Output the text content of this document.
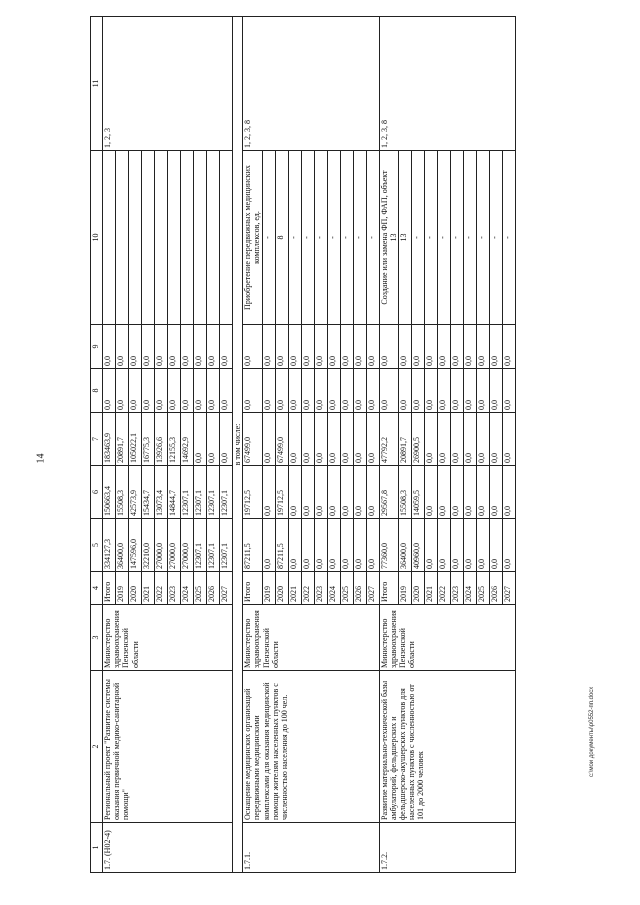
14
c:\мои документы\p0552-пп.docx
1	2	3	4	5	6	7	8	9	10	11
1.7. (Н02-4)	Региональный проект "Развитие системы оказания первичной медико-санитарной помощи"	Министерство здравоохранения Пензенской области	Итого	334127,3	150663,4	183463,9	0,0	0,0		1, 2, 3
			2019	36400,0	15508,3	20891,7	0,0	0,0		
			2020	147596,0	42573,9	105022,1	0,0	0,0		
			2021	32210,0	15434,7	16775,3	0,0	0,0		
			2022	27000,0	13073,4	13926,6	0,0	0,0		
			2023	27000,0	14844,7	12155,3	0,0	0,0		
			2024	27000,0	12307,1	14692,9	0,0	0,0		
			2025	12307,1	12307,1	0,0	0,0	0,0		
			2026	12307,1	12307,1	0,0	0,0	0,0		
			2027	12307,1	12307,1	0,0	0,0	0,0		
в том числе:										
1.7.1.	Оснащение медицинских организаций передвижными медицинскими комплексами для оказания медицинской помощи жителям населенных пунктов с численностью населения до 100 чел.	Министерство здравоохранения Пензенской области	Итого	87211,5	19712,5	67499,0	0,0	0,0	Приобретение передвижных медицинских комплексов, ед.	1, 2, 3, 8
			2019	0,0	0,0	0,0	0,0	0,0	-	
			2020	87211,5	19712,5	67499,0	0,0	0,0	8	
			2021	0,0	0,0	0,0	0,0	0,0	-	
			2022	0,0	0,0	0,0	0,0	0,0	-	
			2023	0,0	0,0	0,0	0,0	0,0	-	
			2024	0,0	0,0	0,0	0,0	0,0	-	
			2025	0,0	0,0	0,0	0,0	0,0	-	
			2026	0,0	0,0	0,0	0,0	0,0	-	
			2027	0,0	0,0	0,0	0,0	0,0	-	
1.7.2.	Развитие материально-технической базы амбулаторий, фельдшерских и фельдшерско-акушерских пунктов для населенных пунктов с численностью от 101 до 2000 человек	Министерство здравоохранения Пензенской области	Итого	77360,0	29567,8	47792,2	0,0	0,0	Создание или замена ФП, ФАП, объект 13	1, 2, 3, 8
			2019	36400,0	15508,3	20891,7	0,0	0,0	13	
			2020	40960,0	14059,5	26900,5	0,0	0,0	-	
			2021	0,0	0,0	0,0	0,0	0,0	-	
			2022	0,0	0,0	0,0	0,0	0,0	-	
			2023	0,0	0,0	0,0	0,0	0,0	-	
			2024	0,0	0,0	0,0	0,0	0,0	-	
			2025	0,0	0,0	0,0	0,0	0,0	-	
			2026	0,0	0,0	0,0	0,0	0,0	-	
			2027	0,0	0,0	0,0	0,0	0,0	-	
